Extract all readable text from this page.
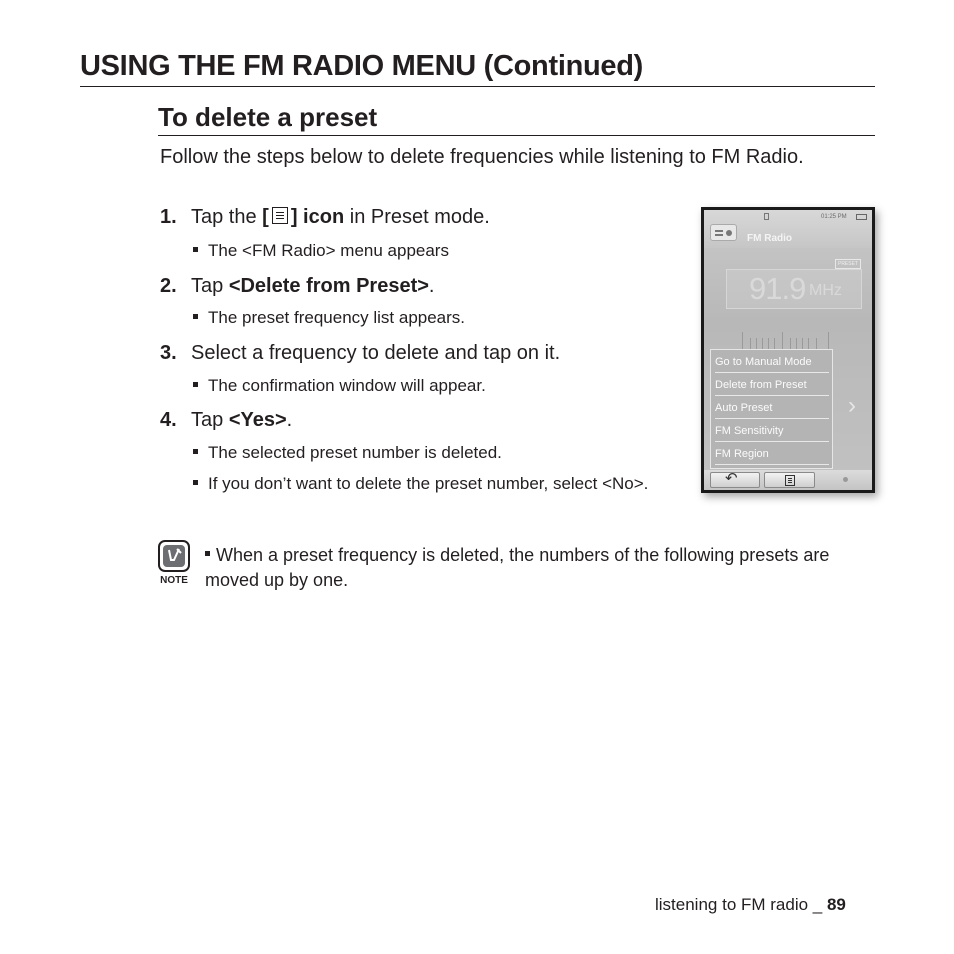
USING THE FM RADIO MENU (Continued)
To delete a preset
Follow the steps below to delete frequencies while listening to FM Radio.
1. Tap the [ ] icon in Preset mode.
The <FM Radio> menu appears
2. Tap <Delete from Preset>.
The preset frequency list appears.
3. Select a frequency to delete and tap on it.
The confirmation window will appear.
4. Tap <Yes>.
The selected preset number is deleted.
If you don’t want to delete the preset number, select <No>.
01:25 PM
FM Radio
PRESET
91.9 MHz
›
Go to Manual Mode
Delete from Preset
Auto Preset
FM Sensitivity
FM Region
↶
NOTE
When a preset frequency is deleted, the numbers of the following presets are moved up by one.
listening to FM radio _ 89
